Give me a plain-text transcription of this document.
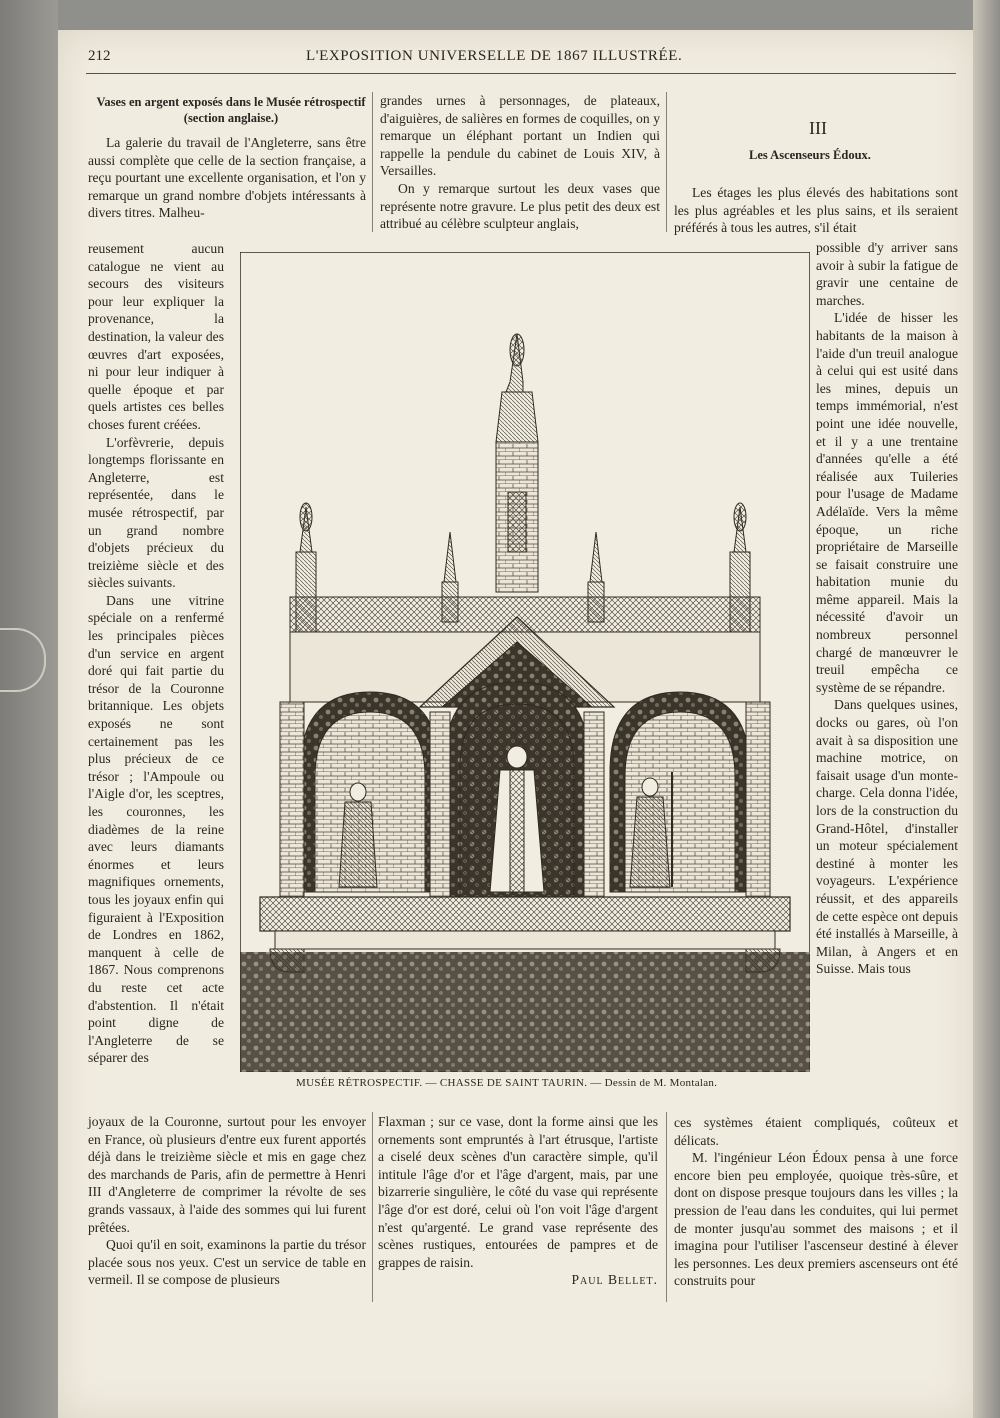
212	L'EXPOSITION UNIVERSELLE DE 1867 ILLUSTRÉE.
Vases en argent exposés dans le Musée rétrospectif (section anglaise.)

La galerie du travail de l'Angleterre, sans être aussi complète que celle de la section française, a reçu pourtant une excellente organisation, et l'on y remarque un grand nombre d'objets intéressants à divers titres. Malheu-

reusement aucun catalogue ne vient au secours des visiteurs pour leur expliquer la provenance, la destination, la valeur des œuvres d'art exposées, ni pour leur indiquer à quelle époque et par quels artistes ces belles choses furent créées.

L'orfèvrerie, depuis longtemps florissante en Angleterre, est représentée, dans le musée rétrospectif, par un grand nombre d'objets précieux du treizième siècle et des siècles suivants.

Dans une vitrine spéciale on a renfermé les principales pièces d'un service en argent doré qui fait partie du trésor de la Couronne britannique. Les objets exposés ne sont certainement pas les plus précieux de ce trésor ; l'Ampoule ou l'Aigle d'or, les sceptres, les couronnes, les diadèmes de la reine avec leurs diamants énormes et leurs magnifiques ornements, tous les joyaux enfin qui figuraient à l'Exposition de Londres en 1862, manquent à celle de 1867. Nous comprenons du reste cet acte d'abstention. Il n'était point digne de l'Angleterre de se séparer des

joyaux de la Couronne, surtout pour les envoyer en France, où plusieurs d'entre eux furent apportés déjà dans le treizième siècle et mis en gage chez des marchands de Paris, afin de permettre à Henri III d'Angleterre de comprimer la révolte de ses grands vassaux, à l'aide des sommes qui lui furent prêtées.

Quoi qu'il en soit, examinons la partie du trésor placée sous nos yeux. C'est un service de table en vermeil. Il se compose de plusieurs

grandes urnes à personnages, de plateaux, d'aiguières, de salières en formes de coquilles, on y remarque un éléphant portant un Indien qui rappelle la pendule du cabinet de Louis XIV, à Versailles.

On y remarque surtout les deux vases que représente notre gravure. Le plus petit des deux est attribué au célèbre sculpteur anglais,

Flaxman ; sur ce vase, dont la forme ainsi que les ornements sont empruntés à l'art étrusque, l'artiste a ciselé deux scènes d'un caractère simple, qu'il intitule l'âge d'or et l'âge d'argent, mais, par une bizarrerie singulière, le côté du vase qui représente l'âge d'or est doré, celui où l'on voit l'âge d'argent n'est qu'argenté. Le grand vase représente des scènes rustiques, entourées de pampres et de grappes de raisin.

Paul Bellet.

III
Les Ascenseurs Édoux.

Les étages les plus élevés des habitations sont les plus agréables et les plus sains, et ils seraient préférés à tous les autres, s'il était

possible d'y arriver sans avoir à subir la fatigue de gravir une centaine de marches.

L'idée de hisser les habitants de la maison à l'aide d'un treuil analogue à celui qui est usité dans les mines, depuis un temps immémorial, n'est point une idée nouvelle, et il y a une trentaine d'années qu'elle a été réalisée aux Tuileries pour l'usage de Madame Adélaïde. Vers la même époque, un riche propriétaire de Marseille se faisait construire une habitation munie du même appareil. Mais la nécessité d'avoir un nombreux personnel chargé de manœuvrer le treuil empêcha ce système de se répandre.

Dans quelques usines, docks ou gares, où l'on avait à sa disposition une machine motrice, on faisait usage d'un monte-charge. Cela donna l'idée, lors de la construction du Grand-Hôtel, d'installer un moteur spécialement destiné à monter les voyageurs. L'expérience réussit, et des appareils de cette espèce ont depuis été installés à Marseille, à Milan, à Angers et en Suisse. Mais tous

ces systèmes étaient compliqués, coûteux et délicats.

M. l'ingénieur Léon Édoux pensa à une force encore bien peu employée, quoique très-sûre, et dont on dispose presque toujours dans les villes ; la pression de l'eau dans les conduites, qui lui permet de monter jusqu'au sommet des maisons ; et il imagina pour l'utiliser l'ascenseur destiné à élever les personnes. Les deux premiers ascenseurs ont été construits pour

MUSÉE RÉTROSPECTIF. — CHASSE DE SAINT TAURIN. — Dessin de M. Montalan.
